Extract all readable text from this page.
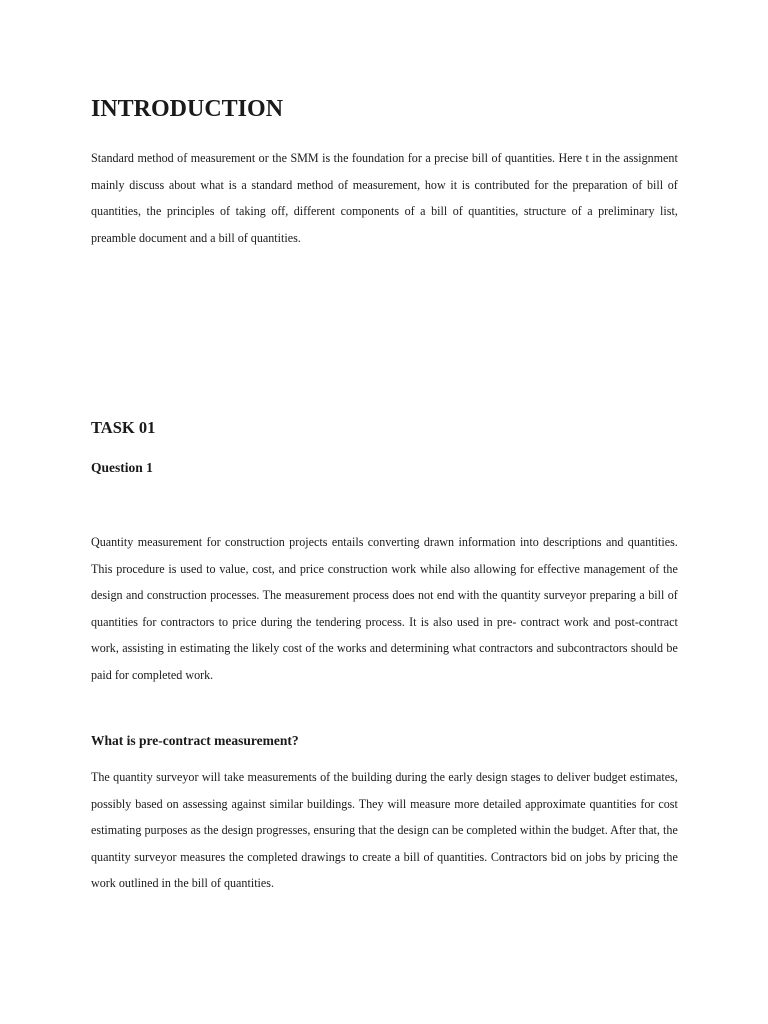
INTRODUCTION

Standard method of measurement or the SMM is the foundation for a precise bill of quantities. Here t in the assignment mainly discuss about what is a standard method of measurement, how it is contributed for the preparation of bill of quantities, the principles of taking off, different components of a bill of quantities, structure of a preliminary list, preamble document and a bill of quantities.

TASK 01
Question 1

Quantity measurement for construction projects entails converting drawn information into descriptions and quantities. This procedure is used to value, cost, and price construction work while also allowing for effective management of the design and construction processes. The measurement process does not end with the quantity surveyor preparing a bill of quantities for contractors to price during the tendering process. It is also used in pre- contract work and post-contract work, assisting in estimating the likely cost of the works and determining what contractors and subcontractors should be paid for completed work.

What is pre-contract measurement?

The quantity surveyor will take measurements of the building during the early design stages to deliver budget estimates, possibly based on assessing against similar buildings. They will measure more detailed approximate quantities for cost estimating purposes as the design progresses, ensuring that the design can be completed within the budget. After that, the quantity surveyor measures the completed drawings to create a bill of quantities. Contractors bid on jobs by pricing the work outlined in the bill of quantities.
